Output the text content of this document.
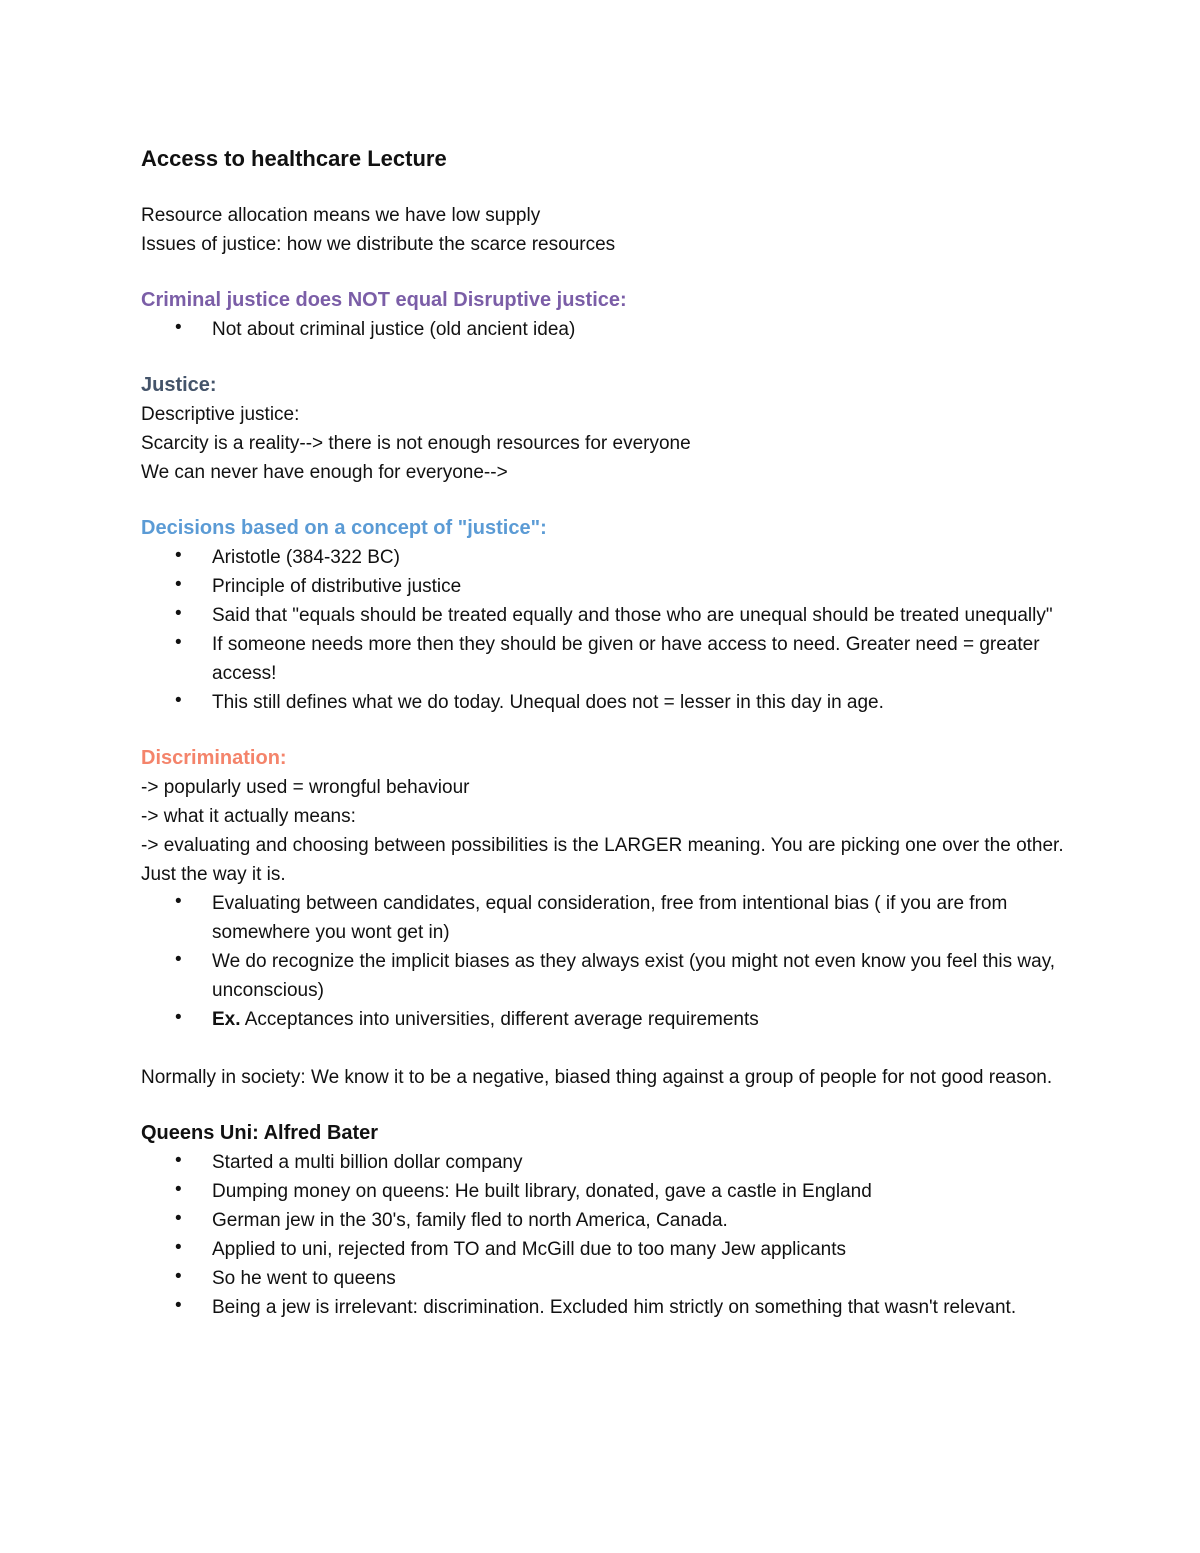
Access to healthcare Lecture

Resource allocation means we have low supply

Issues of justice: how we distribute the scarce resources

Criminal justice does NOT equal Disruptive justice:
• Not about criminal justice (old ancient idea)
Justice:

Descriptive justice:

Scarcity is a reality--> there is not enough resources for everyone

We can never have enough for everyone-->

Decisions based on a concept of "justice":
• Aristotle (384-322 BC)
• Principle of distributive justice
• Said that "equals should be treated equally and those who are unequal should be treated unequally"
• If someone needs more then they should be given or have access to need. Greater need = greater access!
• This still defines what we do today. Unequal does not = lesser in this day in age.
Discrimination:

-> popularly used = wrongful behaviour

-> what it actually means:

-> evaluating and choosing between possibilities is the LARGER meaning. You are picking one over the other. Just the way it is.

• Evaluating between candidates, equal consideration, free from intentional bias ( if you are from somewhere you wont get in)
• We do recognize the implicit biases as they always exist (you might not even know you feel this way, unconscious)
• Ex. Acceptances into universities, different average requirements

Normally in society: We know it to be a negative, biased thing against a group of people for not good reason.

Queens Uni: Alfred Bater
• Started a multi billion dollar company
• Dumping money on queens: He built library, donated, gave a castle in England
• German jew in the 30's, family fled to north America, Canada.
• Applied to uni, rejected from TO and McGill due to too many Jew applicants
• So he went to queens
• Being a jew is irrelevant: discrimination. Excluded him strictly on something that wasn't relevant.
